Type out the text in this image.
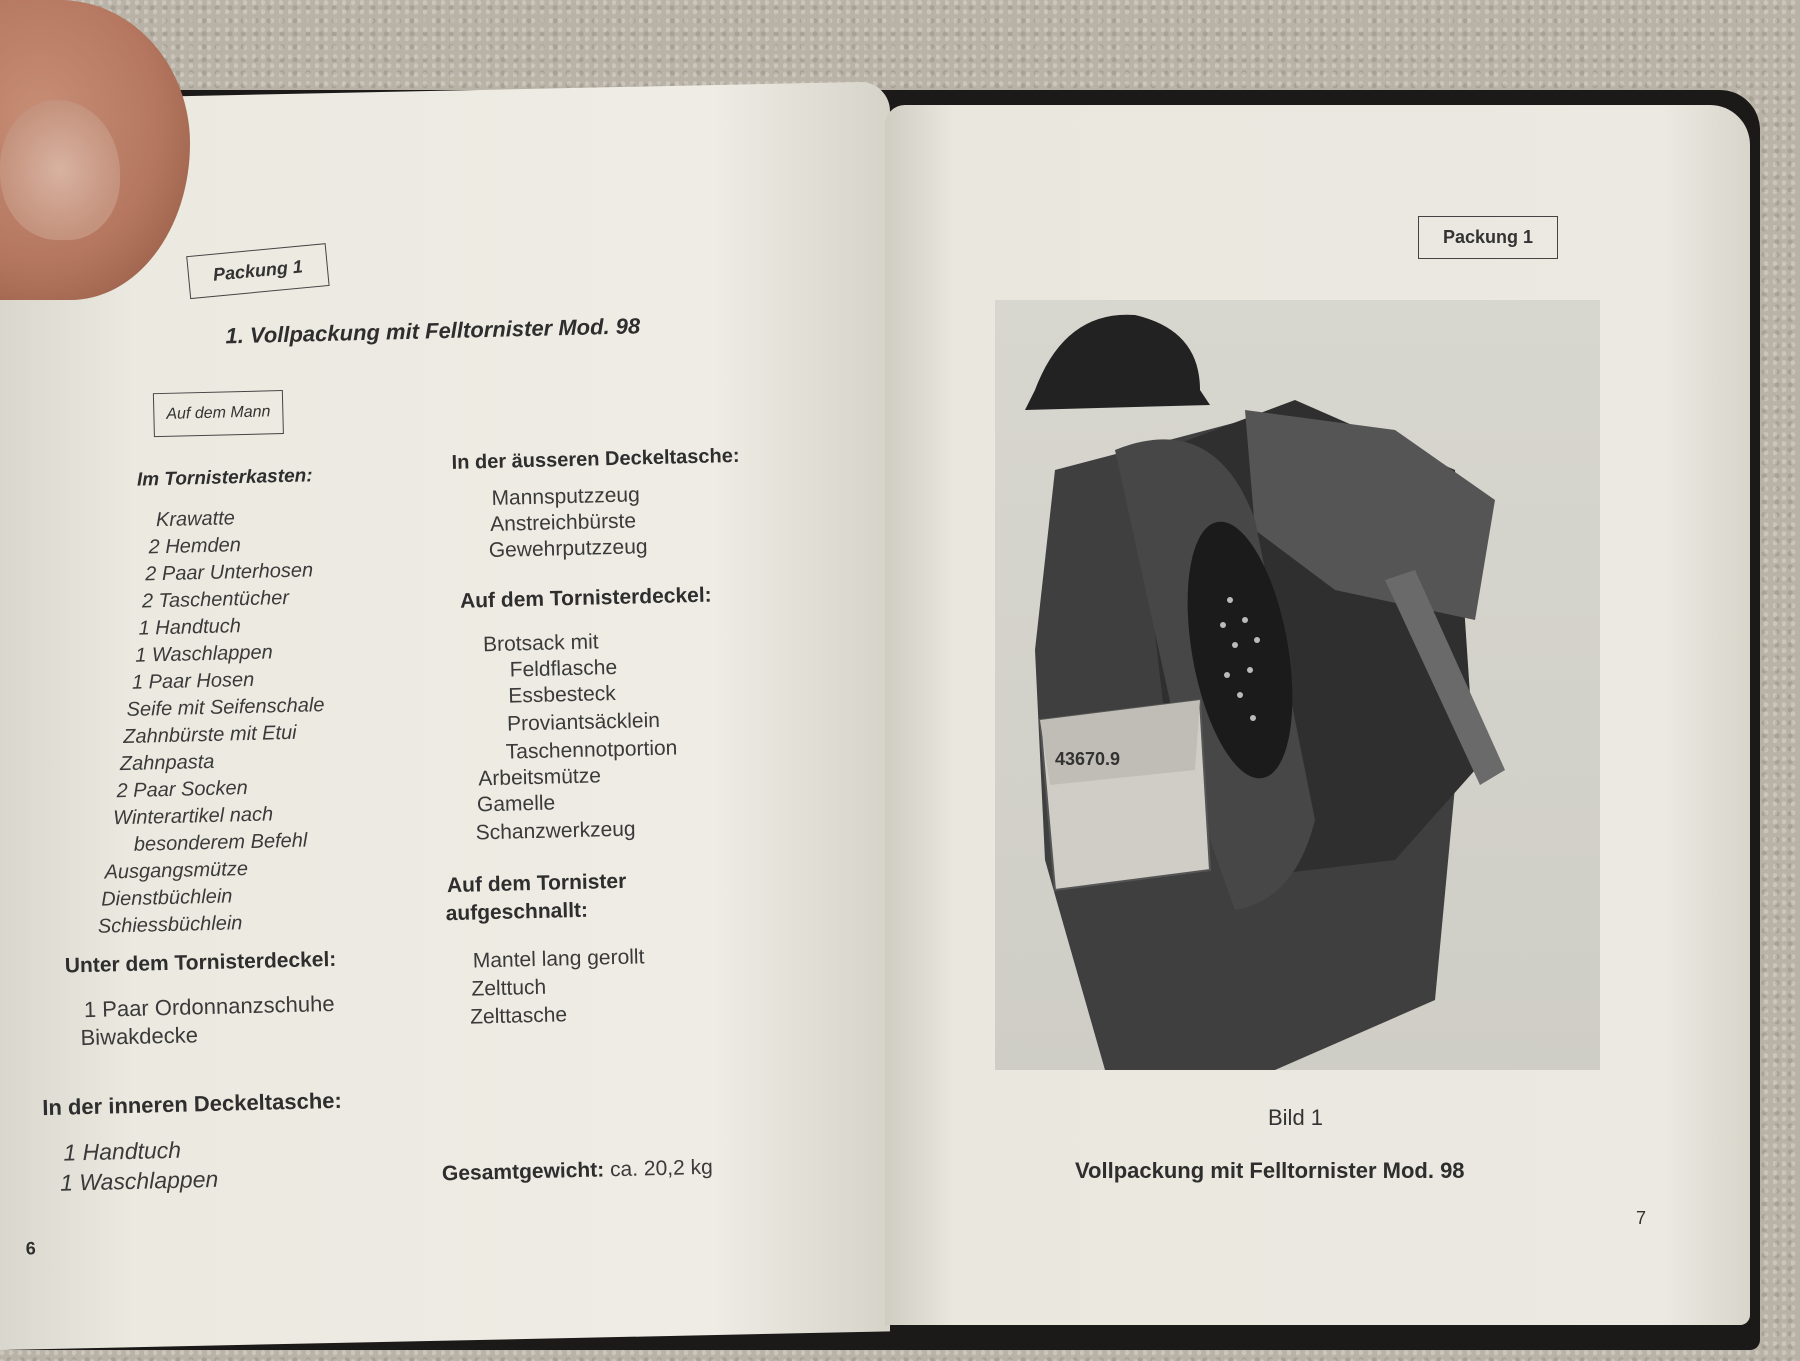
Packung 1
1. Vollpackung mit Felltornister Mod. 98
Auf dem Mann
Im Tornisterkasten:
Krawatte
2 Hemden
2 Paar Unterhosen
2 Taschentücher
1 Handtuch
1 Waschlappen
1 Paar Hosen
Seife mit Seifenschale
Zahnbürste mit Etui
Zahnpasta
2 Paar Socken
Winterartikel nach
besonderem Befehl
Ausgangsmütze
Dienstbüchlein
Schiessbüchlein
Unter dem Tornisterdeckel:
1 Paar Ordonnanzschuhe
Biwakdecke
In der inneren Deckeltasche:
1 Handtuch
1 Waschlappen
In der äusseren Deckeltasche:
Mannsputzzeug
Anstreichbürste
Gewehrputzzeug
Auf dem Tornisterdeckel:
Brotsack mit
Feldflasche
Essbesteck
Proviantsäcklein
Taschennotportion
Arbeitsmütze
Gamelle
Schanzwerkzeug
Auf dem Tornister
aufgeschnallt:
Mantel lang gerollt
Zelttuch
Zelttasche
Gesamtgewicht: ca. 20,2 kg
6
Packung 1
43670.9
Bild 1
Vollpackung mit Felltornister Mod. 98
7
